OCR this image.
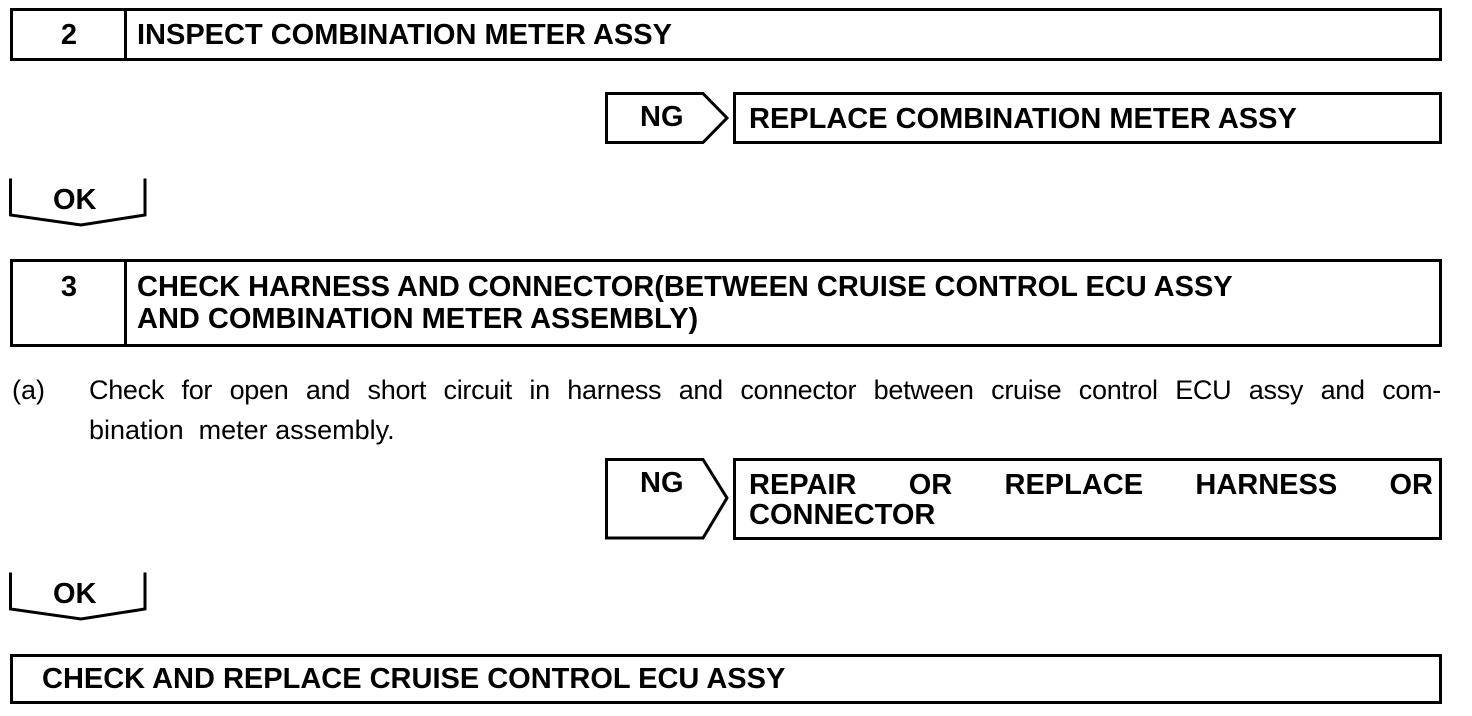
2	INSPECT COMBINATION METER ASSY
NG REPLACE COMBINATION METER ASSY
OK
3	CHECK HARNESS AND CONNECTOR(BETWEEN CRUISE CONTROL ECU ASSY
AND COMBINATION METER ASSEMBLY)
(a) Check for open and short circuit in harness and connector between cruise control ECU assy and com-
bination  meter assembly.
NG REPAIR OR REPLACE HARNESS OR
CONNECTOR
OK
CHECK AND REPLACE CRUISE CONTROL ECU ASSY
